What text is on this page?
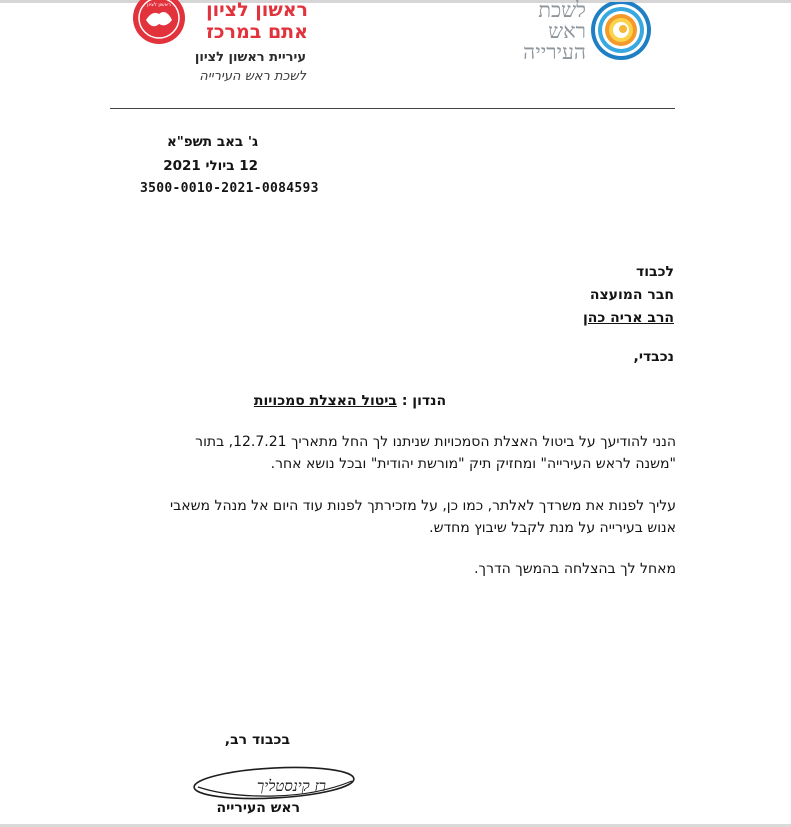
לשכת
ראש
העירייה
ראשון לציון	ראשון לציון
אתם במרכז
עיריית ראשון לציון
לשכת ראש העירייה
ג' באב תשפ"א
12 ביולי 2021
3500-0010-2021-0084593
לכבוד
חבר המועצה
הרב אריה כהן
נכבדי,
הנדון : ביטול האצלת סמכויות
הנני להודיעך על ביטול האצלת הסמכויות שניתנו לך החל מתאריך 12.7.21, בתור
"משנה לראש העירייה" ומחזיק תיק "מורשת יהודית" ובכל נושא אחר.
עליך לפנות את משרדך לאלתר, כמו כן, על מזכירתך לפנות עוד היום אל מנהל משאבי
אנוש בעירייה על מנת לקבל שיבוץ מחדש.
מאחל לך בהצלחה בהמשך הדרך.
בכבוד רב,
רז קינסטליך
ראש העירייה
